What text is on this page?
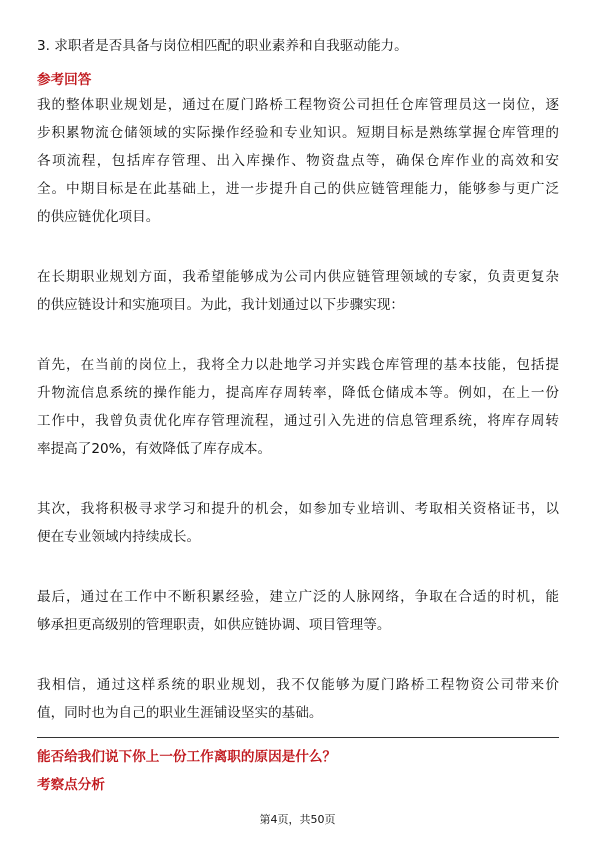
3. 求职者是否具备与岗位相匹配的职业素养和自我驱动能力。
参考回答
我的整体职业规划是，通过在厦门路桥工程物资公司担任仓库管理员这一岗位，逐
步积累物流仓储领域的实际操作经验和专业知识。短期目标是熟练掌握仓库管理的
各项流程，包括库存管理、出入库操作、物资盘点等，确保仓库作业的高效和安
全。中期目标是在此基础上，进一步提升自己的供应链管理能力，能够参与更广泛
的供应链优化项目。
在长期职业规划方面，我希望能够成为公司内供应链管理领域的专家，负责更复杂
的供应链设计和实施项目。为此，我计划通过以下步骤实现：
首先，在当前的岗位上，我将全力以赴地学习并实践仓库管理的基本技能，包括提
升物流信息系统的操作能力，提高库存周转率，降低仓储成本等。例如，在上一份
工作中，我曾负责优化库存管理流程，通过引入先进的信息管理系统，将库存周转
率提高了20%，有效降低了库存成本。
其次，我将积极寻求学习和提升的机会，如参加专业培训、考取相关资格证书，以
便在专业领域内持续成长。
最后，通过在工作中不断积累经验，建立广泛的人脉网络，争取在合适的时机，能
够承担更高级别的管理职责，如供应链协调、项目管理等。
我相信，通过这样系统的职业规划，我不仅能够为厦门路桥工程物资公司带来价
值，同时也为自己的职业生涯铺设坚实的基础。
能否给我们说下你上一份工作离职的原因是什么？
考察点分析
第4页，共50页
